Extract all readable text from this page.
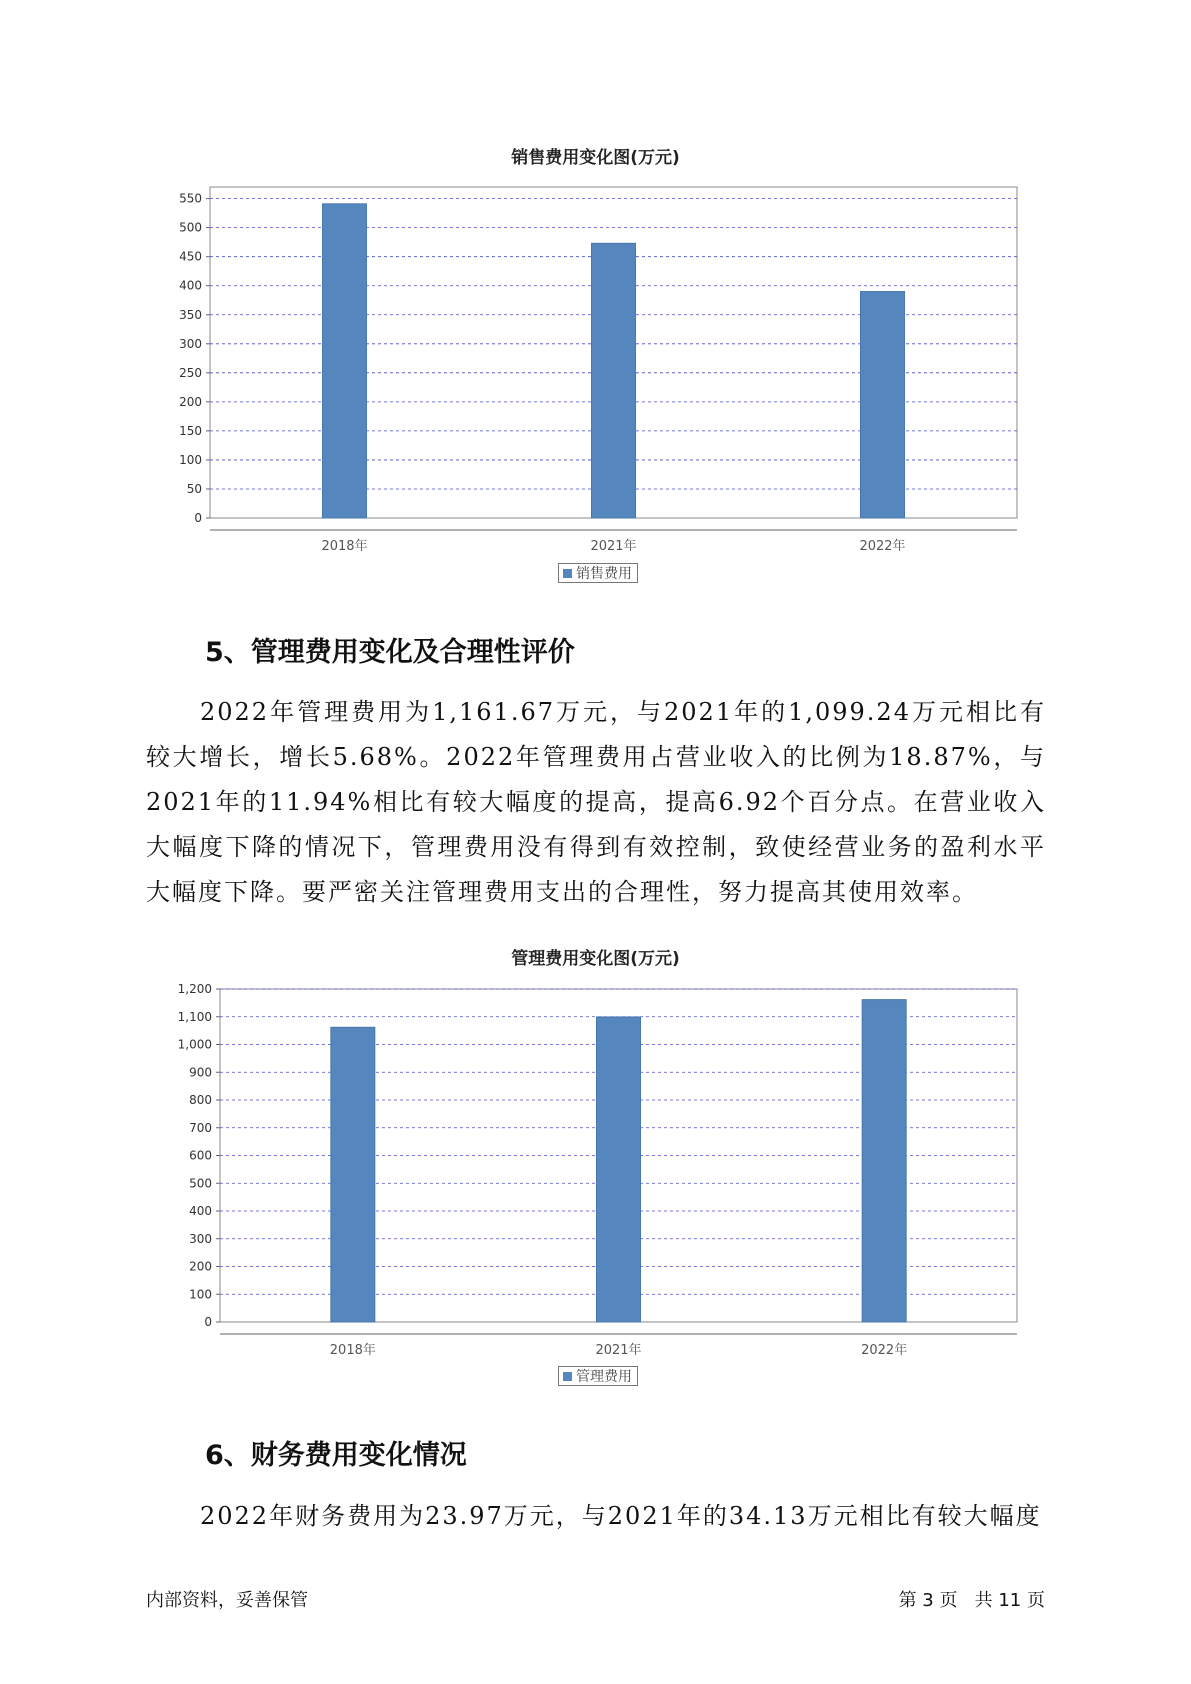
销售费用变化图(万元)
0
50
100
150
200
250
300
350
400
450
500
550
2018年	2021年	2022年
销售费用
5、管理费用变化及合理性评价

2022年管理费用为1,161.67万元，与2021年的1,099.24万元相比有较大增长，增长5.68%。2022年管理费用占营业收入的比例为18.87%，与2021年的11.94%相比有较大幅度的提高，提高6.92个百分点。在营业收入大幅度下降的情况下，管理费用没有得到有效控制，致使经营业务的盈利水平大幅度下降。要严密关注管理费用支出的合理性，努力提高其使用效率。

管理费用变化图(万元)
0
100
200
300
400
500
600
700
800
900
1,000
1,100
1,200
2018年	2021年	2022年
管理费用
6、财务费用变化情况

2022年财务费用为23.97万元，与2021年的34.13万元相比有较大幅度

内部资料，妥善保管	第 3 页   共 11 页
